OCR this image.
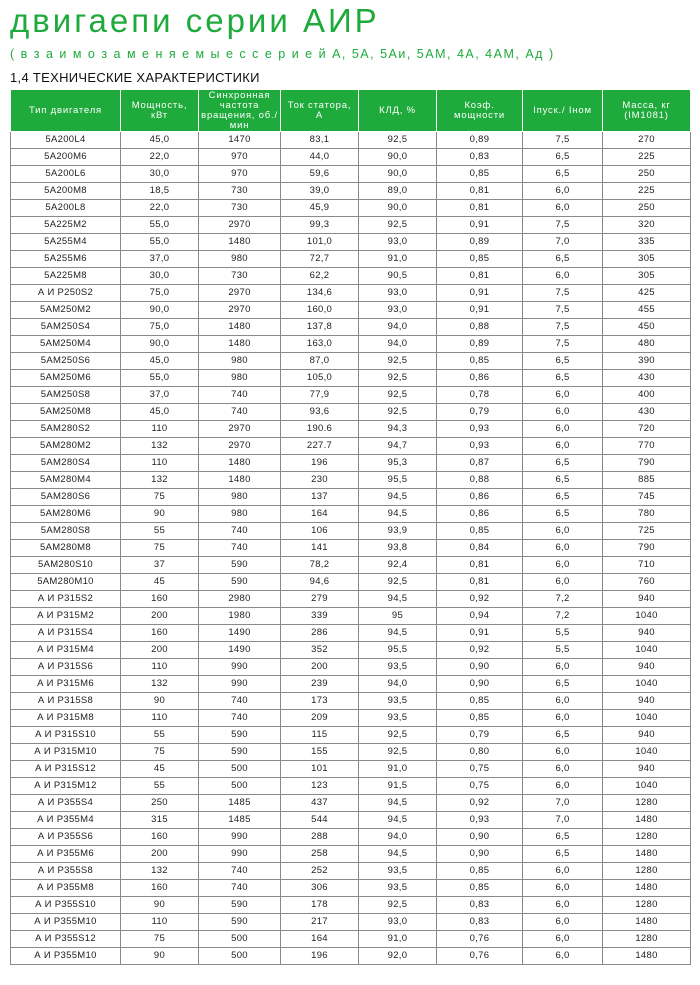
двигаепи серии АИР
( в з а и м о з а м е н я е м ы е с с е р и е й А, 5А, 5Аи, 5АМ, 4А, 4АМ, Ад )
1,4 ТЕХНИЧЕСКИЕ ХАРАКТЕРИСТИКИ
Тип двигателя	Мощность, кВт	Синхронная частота вращения, об./мин	Ток статора, А	КЛД, %	Коэф. мощности	Iпуск./ Iном	Масса, кг (IM1081)
5А200L4	45,0	1470	83,1	92,5	0,89	7,5	270
5А200М6	22,0	970	44,0	90,0	0,83	6,5	225
5А200L6	30,0	970	59,6	90,0	0,85	6,5	250
5А200М8	18,5	730	39,0	89,0	0,81	6,0	225
5А200L8	22,0	730	45,9	90,0	0,81	6,0	250
5А225М2	55,0	2970	99,3	92,5	0,91	7,5	320
5А255М4	55,0	1480	101,0	93,0	0,89	7,0	335
5А255М6	37,0	980	72,7	91,0	0,85	6,5	305
5А225М8	30,0	730	62,2	90,5	0,81	6,0	305
А И Р250S2	75,0	2970	134,6	93,0	0,91	7,5	425
5АМ250М2	90,0	2970	160,0	93,0	0,91	7,5	455
5АМ250S4	75,0	1480	137,8	94,0	0,88	7,5	450
5АМ250М4	90,0	1480	163,0	94,0	0,89	7,5	480
5АМ250S6	45,0	980	87,0	92,5	0,85	6,5	390
5АМ250М6	55,0	980	105,0	92,5	0,86	6,5	430
5АМ250S8	37,0	740	77,9	92,5	0,78	6,0	400
5АМ250М8	45,0	740	93,6	92,5	0,79	6,0	430
5АМ280S2	110	2970	190.6	94,3	0,93	6,0	720
5АМ280М2	132	2970	227.7	94,7	0,93	6,0	770
5АМ280S4	110	1480	196	95,3	0,87	6,5	790
5АМ280М4	132	1480	230	95,5	0,88	6,5	885
5АМ280S6	75	980	137	94,5	0,86	6,5	745
5АМ280М6	90	980	164	94,5	0,86	6,5	780
5АМ280S8	55	740	106	93,9	0,85	6,0	725
5АМ280М8	75	740	141	93,8	0,84	6,0	790
5АМ280S10	37	590	78,2	92,4	0,81	6,0	710
5АМ280М10	45	590	94,6	92,5	0,81	6,0	760
А И Р315S2	160	2980	279	94,5	0,92	7,2	940
А И Р315М2	200	1980	339	95	0,94	7,2	1040
А И Р315S4	160	1490	286	94,5	0,91	5,5	940
А И Р315М4	200	1490	352	95,5	0,92	5,5	1040
А И Р315S6	110	990	200	93,5	0,90	6,0	940
А И Р315М6	132	990	239	94,0	0,90	6,5	1040
А И Р315S8	90	740	173	93,5	0,85	6,0	940
А И Р315М8	110	740	209	93,5	0,85	6,0	1040
А И Р315S10	55	590	115	92,5	0,79	6,5	940
А И Р315М10	75	590	155	92,5	0,80	6,0	1040
А И Р315S12	45	500	101	91,0	0,75	6,0	940
А И Р315М12	55	500	123	91,5	0,75	6,0	1040
А И Р355S4	250	1485	437	94,5	0,92	7,0	1280
А И Р355М4	315	1485	544	94,5	0,93	7,0	1480
А И Р355S6	160	990	288	94,0	0,90	6,5	1280
А И Р355М6	200	990	258	94,5	0,90	6,5	1480
А И Р355S8	132	740	252	93,5	0,85	6,0	1280
А И Р355М8	160	740	306	93,5	0,85	6,0	1480
А И Р355S10	90	590	178	92,5	0,83	6,0	1280
А И Р355М10	110	590	217	93,0	0,83	6,0	1480
А И Р355S12	75	500	164	91,0	0,76	6,0	1280
А И Р355М10	90	500	196	92,0	0,76	6,0	1480
